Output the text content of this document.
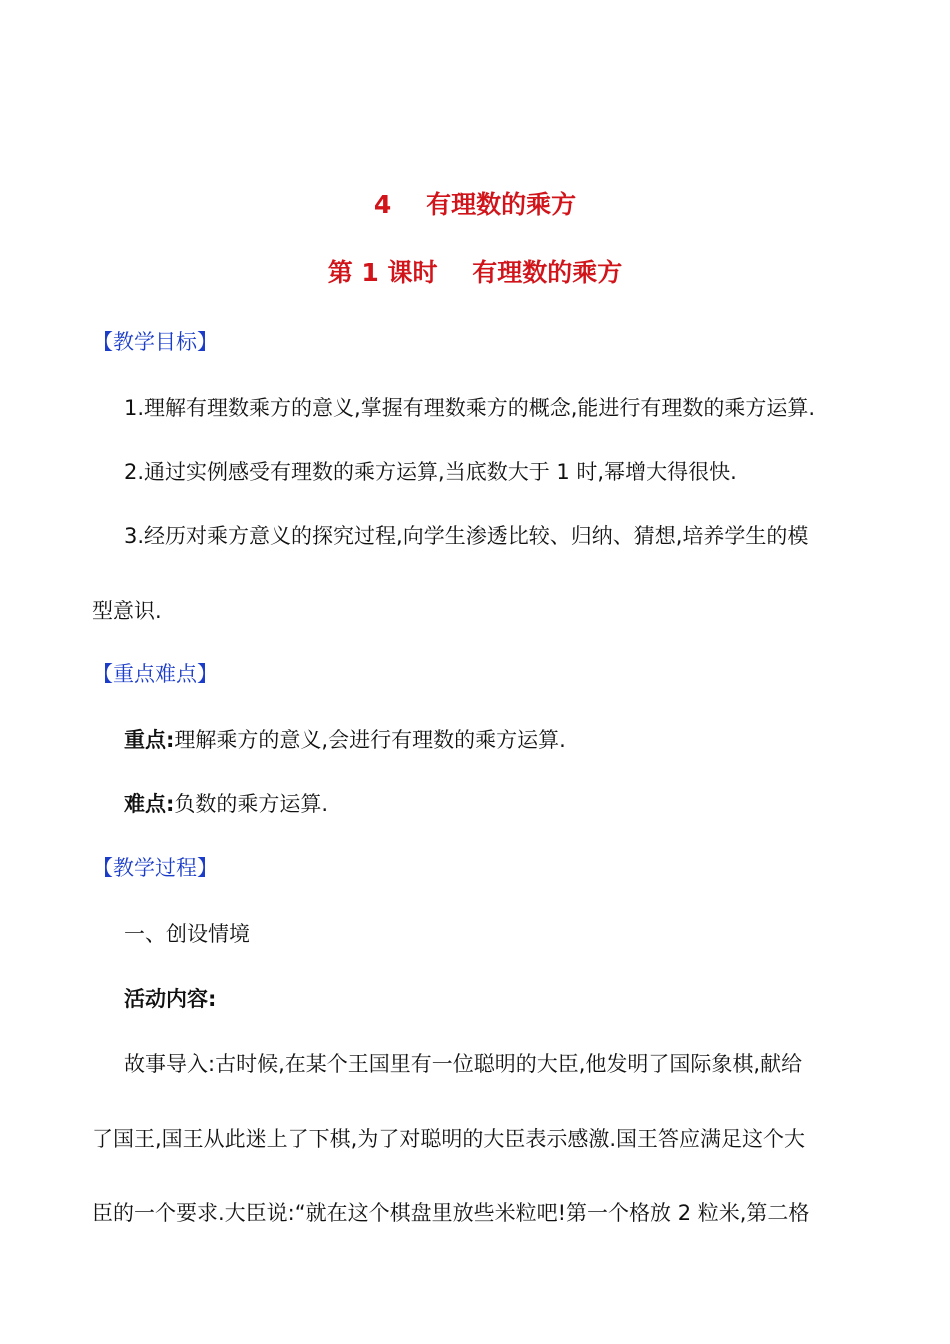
4    有理数的乘方
第 1 课时    有理数的乘方
【教学目标】
1.理解有理数乘方的意义,掌握有理数乘方的概念,能进行有理数的乘方运算.
2.通过实例感受有理数的乘方运算,当底数大于 1 时,幂增大得很快.
3.经历对乘方意义的探究过程,向学生渗透比较、归纳、猜想,培养学生的模
型意识.
【重点难点】
重点:理解乘方的意义,会进行有理数的乘方运算.
难点:负数的乘方运算.
【教学过程】
一、创设情境
活动内容:
故事导入:古时候,在某个王国里有一位聪明的大臣,他发明了国际象棋,献给
了国王,国王从此迷上了下棋,为了对聪明的大臣表示感激.国王答应满足这个大
臣的一个要求.大臣说:“就在这个棋盘里放些米粒吧!第一个格放 2 粒米,第二格
